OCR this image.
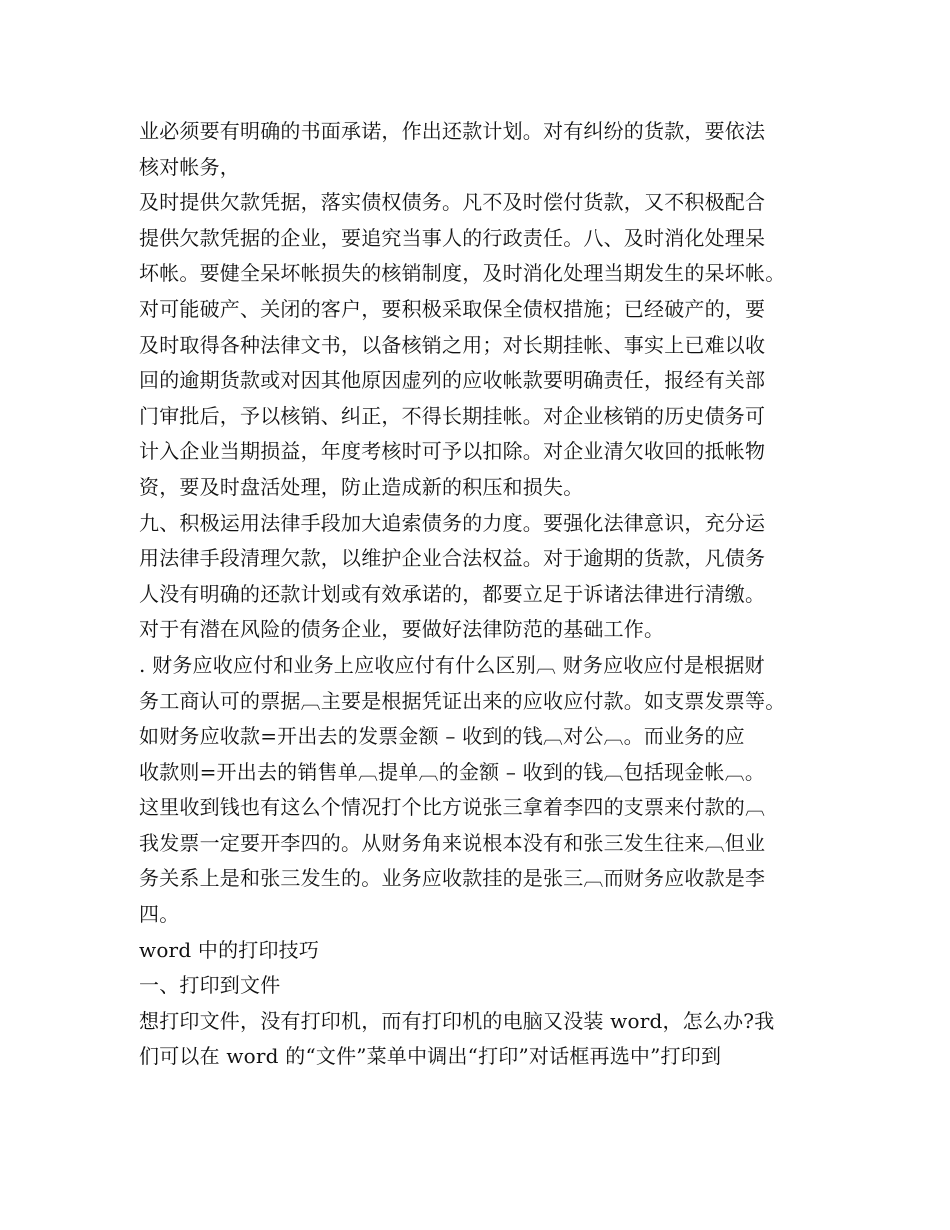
业必须要有明确的书面承诺，作出还款计划。对有纠纷的货款，要依法
核对帐务，
及时提供欠款凭据，落实债权债务。凡不及时偿付货款，又不积极配合
提供欠款凭据的企业，要追究当事人的行政责任。八、及时消化处理呆
坏帐。要健全呆坏帐损失的核销制度，及时消化处理当期发生的呆坏帐。
对可能破产、关闭的客户，要积极采取保全债权措施；已经破产的，要
及时取得各种法律文书，以备核销之用；对长期挂帐、事实上已难以收
回的逾期货款或对因其他原因虚列的应收帐款要明确责任，报经有关部
门审批后，予以核销、纠正，不得长期挂帐。对企业核销的历史债务可
计入企业当期损益，年度考核时可予以扣除。对企业清欠收回的抵帐物
资，要及时盘活处理，防止造成新的积压和损失。
九、积极运用法律手段加大追索债务的力度。要强化法律意识，充分运
用法律手段清理欠款，以维护企业合法权益。对于逾期的货款，凡债务
人没有明确的还款计划或有效承诺的，都要立足于诉诸法律进行清缴。
对于有潜在风险的债务企业，要做好法律防范的基础工作。
. 财务应收应付和业务上应收应付有什么区别︹ 财务应收应付是根据财
务工商认可的票据︹主要是根据凭证出来的应收应付款。如支票发票等。
如财务应收款=开出去的发票金额 – 收到的钱︹对公︹。而业务的应
收款则=开出去的销售单︹提单︹的金额 – 收到的钱︹包括现金帐︹。
这里收到钱也有这么个情况打个比方说张三拿着李四的支票来付款的︹
我发票一定要开李四的。从财务角来说根本没有和张三发生往来︹但业
务关系上是和张三发生的。业务应收款挂的是张三︹而财务应收款是李
四。
word 中的打印技巧
一、打印到文件
想打印文件，没有打印机，而有打印机的电脑又没装 word，怎么办?我
们可以在 word 的“文件”菜单中调出“打印”对话框再选中”打印到
